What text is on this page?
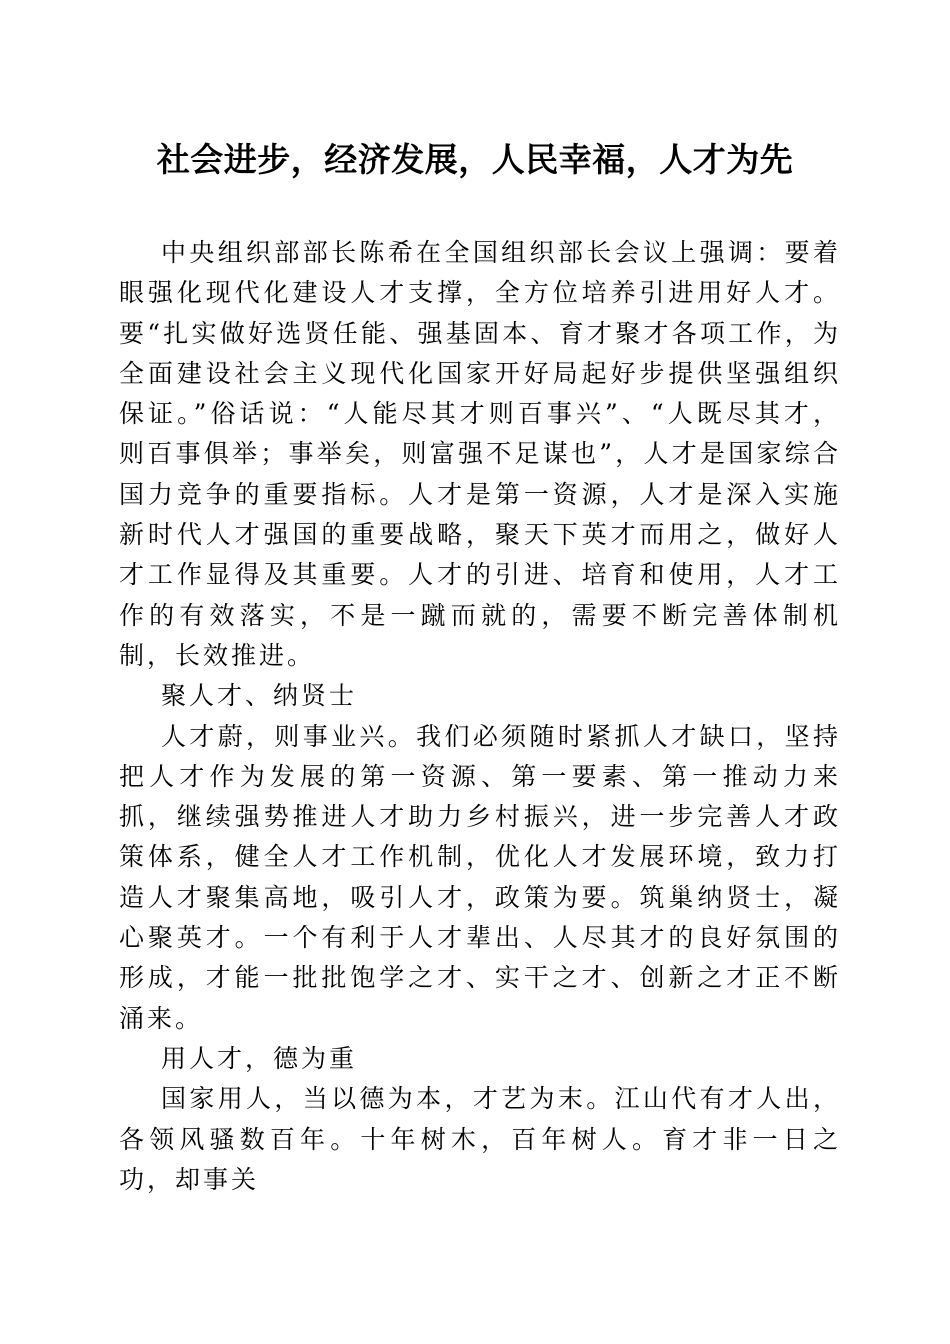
社会进步，经济发展，人民幸福，人才为先

中央组织部部长陈希在全国组织部长会议上强调：要着眼强化现代化建设人才支撑，全方位培养引进用好人才。要“扎实做好选贤任能、强基固本、育才聚才各项工作，为全面建设社会主义现代化国家开好局起好步提供坚强组织保证。”俗话说：“人能尽其才则百事兴”、“人既尽其才，则百事俱举；事举矣，则富强不足谋也”，人才是国家综合国力竞争的重要指标。人才是第一资源，人才是深入实施新时代人才强国的重要战略，聚天下英才而用之，做好人才工作显得及其重要。人才的引进、培育和使用，人才工作的有效落实，不是一蹴而就的，需要不断完善体制机制，长效推进。

聚人才、纳贤士

人才蔚，则事业兴。我们必须随时紧抓人才缺口，坚持把人才作为发展的第一资源、第一要素、第一推动力来抓，继续强势推进人才助力乡村振兴，进一步完善人才政策体系，健全人才工作机制，优化人才发展环境，致力打造人才聚集高地，吸引人才，政策为要。筑巢纳贤士，凝心聚英才。一个有利于人才辈出、人尽其才的良好氛围的形成，才能一批批饱学之才、实干之才、创新之才正不断涌来。

用人才，德为重

国家用人，当以德为本，才艺为末。江山代有才人出，各领风骚数百年。十年树木，百年树人。育才非一日之功，却事关
